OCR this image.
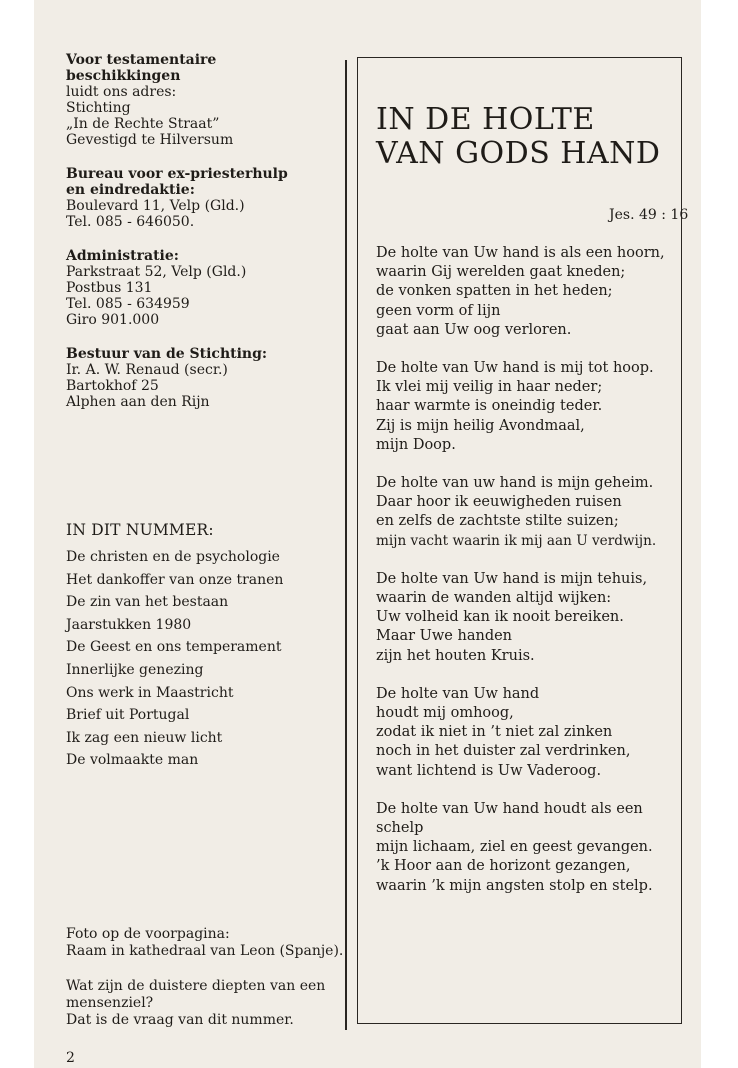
Voor testamentaire
beschikkingen
luidt ons adres:
Stichting
„In de Rechte Straat”
Gevestigd te Hilversum
Bureau voor ex-priesterhulp
en eindredaktie:
Boulevard 11, Velp (Gld.)
Tel. 085 - 646050.
Administratie:
Parkstraat 52, Velp (Gld.)
Postbus 131
Tel. 085 - 634959
Giro 901.000
Bestuur van de Stichting:
Ir. A. W. Renaud (secr.)
Bartokhof 25
Alphen aan den Rijn
IN DIT NUMMER:
De christen en de psychologie
Het dankoffer van onze tranen
De zin van het bestaan
Jaarstukken 1980
De Geest en ons temperament
Innerlijke genezing
Ons werk in Maastricht
Brief uit Portugal
Ik zag een nieuw licht
De volmaakte man
Foto op de voorpagina:
Raam in kathedraal van Leon (Spanje).
Wat zijn de duistere diepten van een
mensenziel?
Dat is de vraag van dit nummer.
2
IN DE HOLTE
VAN GODS HAND
Jes. 49 : 16
De holte van Uw hand is als een hoorn,
waarin Gij werelden gaat kneden;
de vonken spatten in het heden;
geen vorm of lijn
gaat aan Uw oog verloren.
De holte van Uw hand is mij tot hoop.
Ik vlei mij veilig in haar neder;
haar warmte is oneindig teder.
Zij is mijn heilig Avondmaal,
mijn Doop.
De holte van uw hand is mijn geheim.
Daar hoor ik eeuwigheden ruisen
en zelfs de zachtste stilte suizen;
mijn vacht waarin ik mij aan U verdwijn.
De holte van Uw hand is mijn tehuis,
waarin de wanden altijd wijken:
Uw volheid kan ik nooit bereiken.
Maar Uwe handen
zijn het houten Kruis.
De holte van Uw hand
houdt mij omhoog,
zodat ik niet in ’t niet zal zinken
noch in het duister zal verdrinken,
want lichtend is Uw Vaderoog.
De holte van Uw hand houdt als een
schelp
mijn lichaam, ziel en geest gevangen.
’k Hoor aan de horizont gezangen,
waarin ’k mijn angsten stolp en stelp.
